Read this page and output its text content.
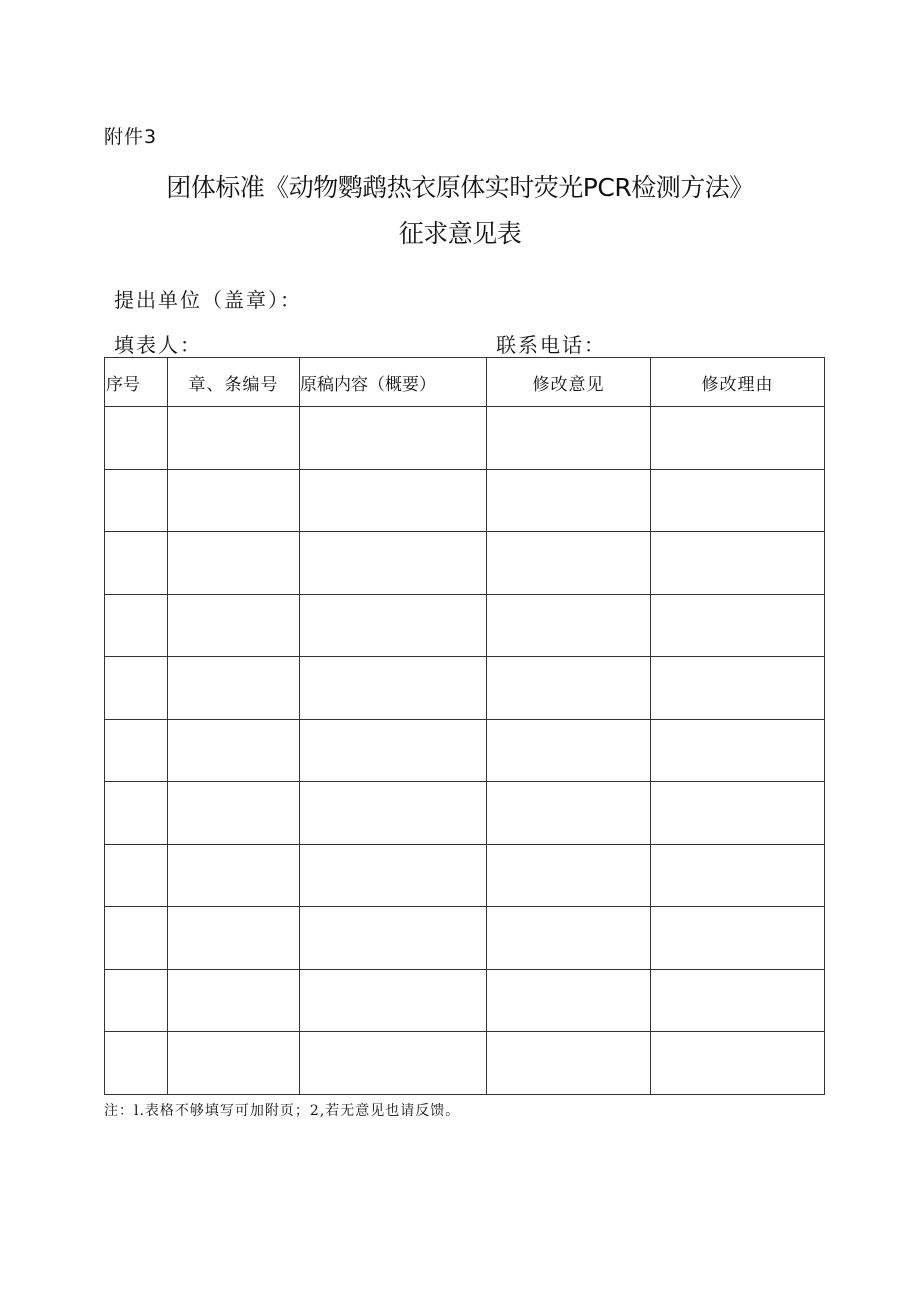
附件3
团体标准《动物鹦鹉热衣原体实时荧光PCR检测方法》
征求意见表
提出单位（盖章）：
填表人：	联系电话：
序号	章、条编号	原稿内容（概要）	修改意见	修改理由

注：l.表格不够填写可加附页；2,若无意见也请反馈。
